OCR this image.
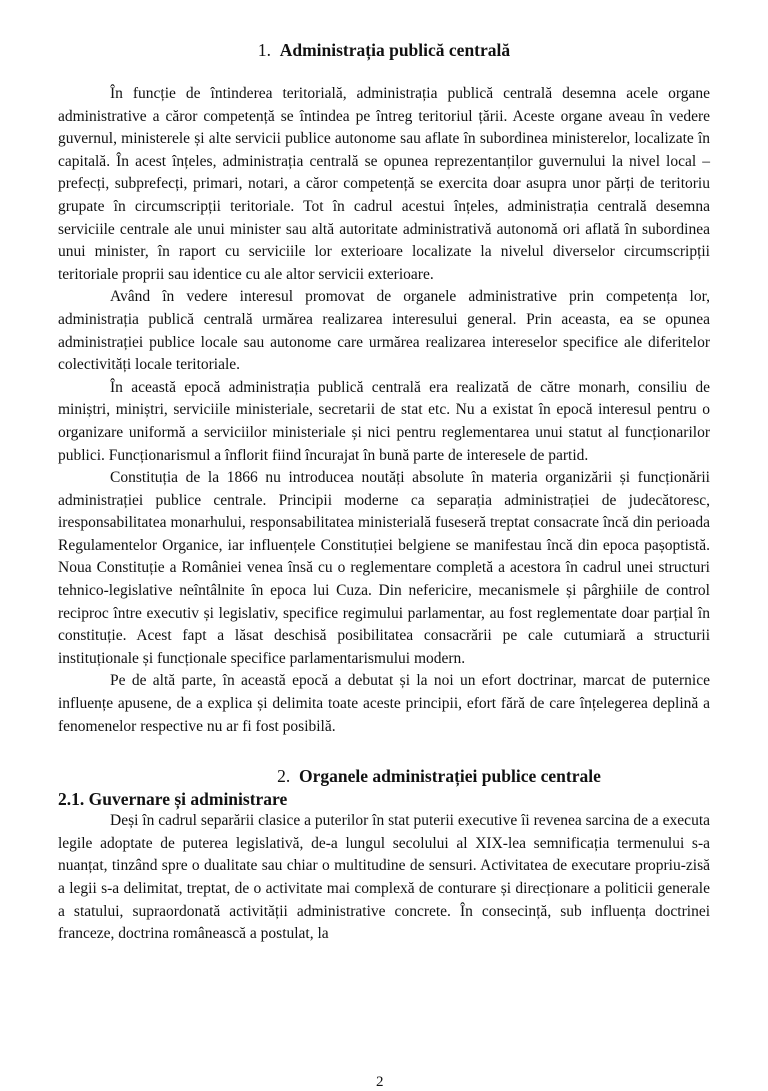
1. Administrația publică centrală

În funcție de întinderea teritorială, administrația publică centrală desemna acele organe administrative a căror competență se întindea pe întreg teritoriul țării. Aceste organe aveau în vedere guvernul, ministerele și alte servicii publice autonome sau aflate în subordinea ministerelor, localizate în capitală. În acest înțeles, administrația centrală se opunea reprezentanților guvernului la nivel local – prefecți, subprefecți, primari, notari, a căror competență se exercita doar asupra unor părți de teritoriu grupate în circumscripții teritoriale. Tot în cadrul acestui înțeles, administrația centrală desemna serviciile centrale ale unui minister sau altă autoritate administrativă autonomă ori aflată în subordinea unui minister, în raport cu serviciile lor exterioare localizate la nivelul diverselor circumscripții teritoriale proprii sau identice cu ale altor servicii exterioare.

Având în vedere interesul promovat de organele administrative prin competența lor, administrația publică centrală urmărea realizarea interesului general. Prin aceasta, ea se opunea administrației publice locale sau autonome care urmărea realizarea intereselor specifice ale diferitelor colectivități locale teritoriale.

În această epocă administrația publică centrală era realizată de către monarh, consiliu de miniștri, miniștri, serviciile ministeriale, secretarii de stat etc. Nu a existat în epocă interesul pentru o organizare uniformă a serviciilor ministeriale și nici pentru reglementarea unui statut al funcționarilor publici. Funcționarismul a înflorit fiind încurajat în bună parte de interesele de partid.

Constituția de la 1866 nu introducea noutăți absolute în materia organizării și funcționării administrației publice centrale. Principii moderne ca separația administrației de judecătoresc, iresponsabilitatea monarhului, responsabilitatea ministerială fuseseră treptat consacrate încă din perioada Regulamentelor Organice, iar influențele Constituției belgiene se manifestau încă din epoca pașoptistă. Noua Constituție a României venea însă cu o reglementare completă a acestora în cadrul unei structuri tehnico-legislative neîntâlnite în epoca lui Cuza. Din nefericire, mecanismele și pârghiile de control reciproc între executiv și legislativ, specifice regimului parlamentar, au fost reglementate doar parțial în constituție. Acest fapt a lăsat deschisă posibilitatea consacrării pe cale cutumiară a structurii instituționale și funcționale specifice parlamentarismului modern.

Pe de altă parte, în această epocă a debutat și la noi un efort doctrinar, marcat de puternice influențe apusene, de a explica și delimita toate aceste principii, efort fără de care înțelegerea deplină a fenomenelor respective nu ar fi fost posibilă.

2. Organele administrației publice centrale
2.1. Guvernare și administrare

Deși în cadrul separării clasice a puterilor în stat puterii executive îi revenea sarcina de a executa legile adoptate de puterea legislativă, de-a lungul secolului al XIX-lea semnificația termenului s-a nuanțat, tinzând spre o dualitate sau chiar o multitudine de sensuri. Activitatea de executare propriu-zisă a legii s-a delimitat, treptat, de o activitate mai complexă de conturare și direcționare a politicii generale a statului, supraordonată activității administrative concrete. În consecință, sub influența doctrinei franceze, doctrina românească a postulat, la

2
